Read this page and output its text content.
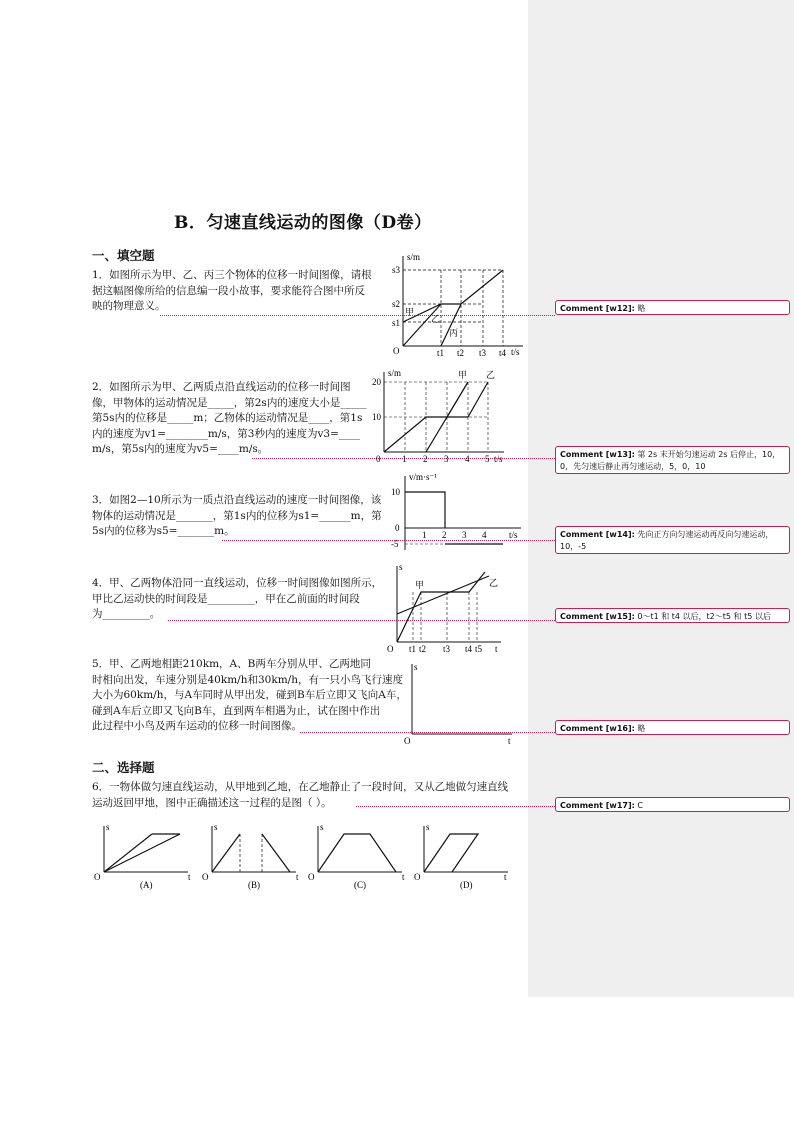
B．匀速直线运动的图像（D卷）
一、填空题
二、选择题
1．如图所示为甲、乙、丙三个物体的位移一时间图像，请根
据这幅图像所给的信息编一段小故事，要求能符合图中所反
映的物理意义。
2．如图所示为甲、乙两质点沿直线运动的位移一时间图
像，甲物体的运动情况是_____，第2s内的速度大小是_____
第5s内的位移是_____m；乙物体的运动情况是____，第1s
内的速度为v1=________m/s，第3秒内的速度为v3=____
m/s，第5s内的速度为v5=____m/s。
3．如图2—10所示为一质点沿直线运动的速度一时间图像，该
物体的运动情况是_______，第1s内的位移为s1=______m，第
5s内的位移为s5=_______m。
4．甲、乙两物体沿同一直线运动，位移一时间图像如图所示，
甲比乙运动快的时间段是_________，甲在乙前面的时间段
为_________。
5．甲、乙两地相距210km，A、B两车分别从甲、乙两地同
时相向出发，车速分别是40km/h和30km/h，有一只小鸟飞行速度
大小为60km/h，与A车同时从甲出发，碰到B车后立即又飞向A车，
碰到A车后立即又飞向B车，直到两车相遇为止，试在图中作出
此过程中小鸟及两车运动的位移一时间图像。
6．一物体做匀速直线运动，从甲地到乙地，在乙地静止了一段时间，又从乙地做匀速直线
运动返回甲地，图中正确描述这一过程的是图（ ）。
Comment [w12]: 略
Comment [w13]: 第 2s 末开始匀速运动 2s 后停止，10，0，先匀速后静止再匀速运动，5，0，10
Comment [w14]: 先向正方向匀速运动再反向匀速运动，10，-5
Comment [w15]: 0～t1 和 t4 以后，t2～t5 和 t5 以后
Comment [w16]: 略
Comment [w17]: C
s/m
t/s
s3
s2
s1
t1 t2 t3 t4
O
甲
乙
丙
s/m
t/s
20
10
0 1 2 3 4 5
甲 乙
v/m·s⁻¹
t/s
10
0
-5
1 2 3 4
s
t
O t1 t2 t3 t4 t5
甲	乙
s
t
O
s
t
O
(A)
s
t
O
(B)
s
t
O
(C)
s
t
O
(D)
